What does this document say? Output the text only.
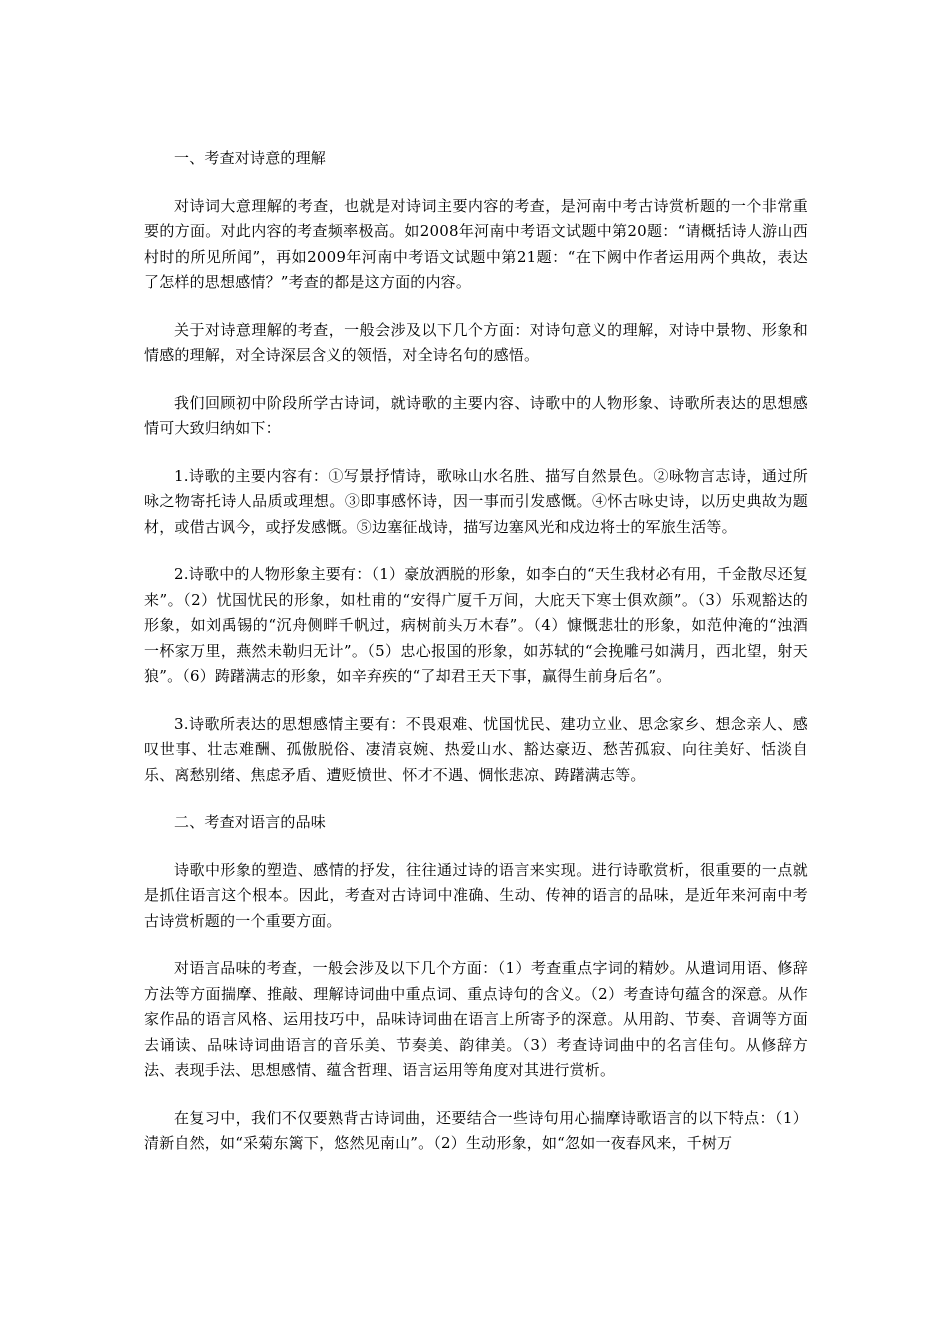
一、考查对诗意的理解

对诗词大意理解的考查，也就是对诗词主要内容的考查，是河南中考古诗赏析题的一个非常重要的方面。对此内容的考查频率极高。如2008年河南中考语文试题中第20题：“请概括诗人游山西村时的所见所闻”，再如2009年河南中考语文试题中第21题：“在下阙中作者运用两个典故，表达了怎样的思想感情？”考查的都是这方面的内容。

关于对诗意理解的考查，一般会涉及以下几个方面：对诗句意义的理解，对诗中景物、形象和情感的理解，对全诗深层含义的领悟，对全诗名句的感悟。

我们回顾初中阶段所学古诗词，就诗歌的主要内容、诗歌中的人物形象、诗歌所表达的思想感情可大致归纳如下：

1.诗歌的主要内容有：①写景抒情诗，歌咏山水名胜、描写自然景色。②咏物言志诗，通过所咏之物寄托诗人品质或理想。③即事感怀诗，因一事而引发感慨。④怀古咏史诗，以历史典故为题材，或借古讽今，或抒发感慨。⑤边塞征战诗，描写边塞风光和戍边将士的军旅生活等。

2.诗歌中的人物形象主要有：（1）豪放洒脱的形象，如李白的“天生我材必有用，千金散尽还复来”。（2）忧国忧民的形象，如杜甫的“安得广厦千万间，大庇天下寒士俱欢颜”。（3）乐观豁达的形象，如刘禹锡的“沉舟侧畔千帆过，病树前头万木春”。（4）慷慨悲壮的形象，如范仲淹的“浊酒一杯家万里，燕然未勒归无计”。（5）忠心报国的形象，如苏轼的“会挽雕弓如满月，西北望，射天狼”。（6）踌躇满志的形象，如辛弃疾的“了却君王天下事，赢得生前身后名”。

3.诗歌所表达的思想感情主要有：不畏艰难、忧国忧民、建功立业、思念家乡、想念亲人、感叹世事、壮志难酬、孤傲脱俗、凄清哀婉、热爱山水、豁达豪迈、愁苦孤寂、向往美好、恬淡自乐、离愁别绪、焦虑矛盾、遭贬愤世、怀才不遇、惆怅悲凉、踌躇满志等。

二、考查对语言的品味

诗歌中形象的塑造、感情的抒发，往往通过诗的语言来实现。进行诗歌赏析，很重要的一点就是抓住语言这个根本。因此，考查对古诗词中准确、生动、传神的语言的品味，是近年来河南中考古诗赏析题的一个重要方面。

对语言品味的考查，一般会涉及以下几个方面：（1）考查重点字词的精妙。从遣词用语、修辞方法等方面揣摩、推敲、理解诗词曲中重点词、重点诗句的含义。（2）考查诗句蕴含的深意。从作家作品的语言风格、运用技巧中，品味诗词曲在语言上所寄予的深意。从用韵、节奏、音调等方面去诵读、品味诗词曲语言的音乐美、节奏美、韵律美。（3）考查诗词曲中的名言佳句。从修辞方法、表现手法、思想感情、蕴含哲理、语言运用等角度对其进行赏析。

在复习中，我们不仅要熟背古诗词曲，还要结合一些诗句用心揣摩诗歌语言的以下特点：（1）清新自然，如“采菊东篱下，悠然见南山”。（2）生动形象，如“忽如一夜春风来，千树万
